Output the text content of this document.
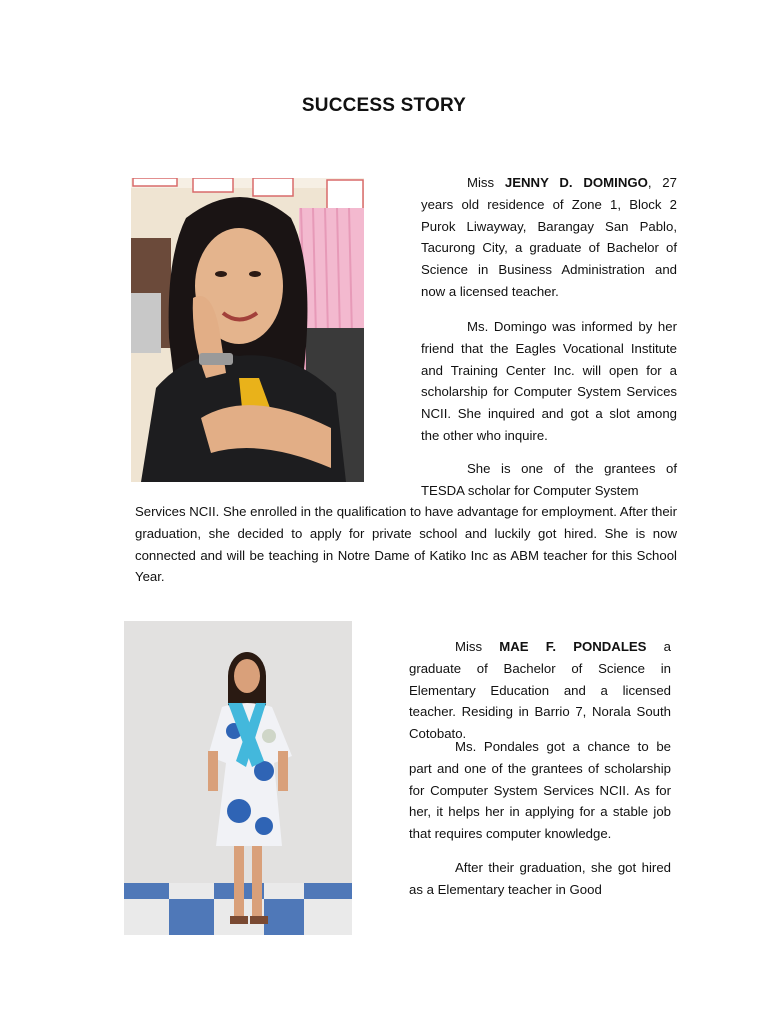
SUCCESS STORY

Miss JENNY D. DOMINGO, 27 years old residence of Zone 1, Block 2 Purok Liwayway, Barangay San Pablo, Tacurong City, a graduate of Bachelor of Science in Business Administration and now a licensed teacher.

Ms. Domingo was informed by her friend that the Eagles Vocational Institute and Training Center Inc. will open for a scholarship for Computer System Services NCII. She inquired and got a slot among the other who inquire.

She is one of the grantees of TESDA scholar for Computer System

Services NCII. She enrolled in the qualification to have advantage for employment. After their graduation, she decided to apply for private school and luckily got hired. She is now connected and will be teaching in Notre Dame of Katiko Inc as ABM teacher for this School Year.

Miss MAE F. PONDALES a graduate of Bachelor of Science in Elementary Education and a licensed teacher. Residing in Barrio 7, Norala South Cotobato.

Ms. Pondales got a chance to be part and one of the grantees of scholarship for Computer System Services NCII. As for her, it helps her in applying for a stable job that requires computer knowledge.

After their graduation, she got hired as a Elementary teacher in Good
